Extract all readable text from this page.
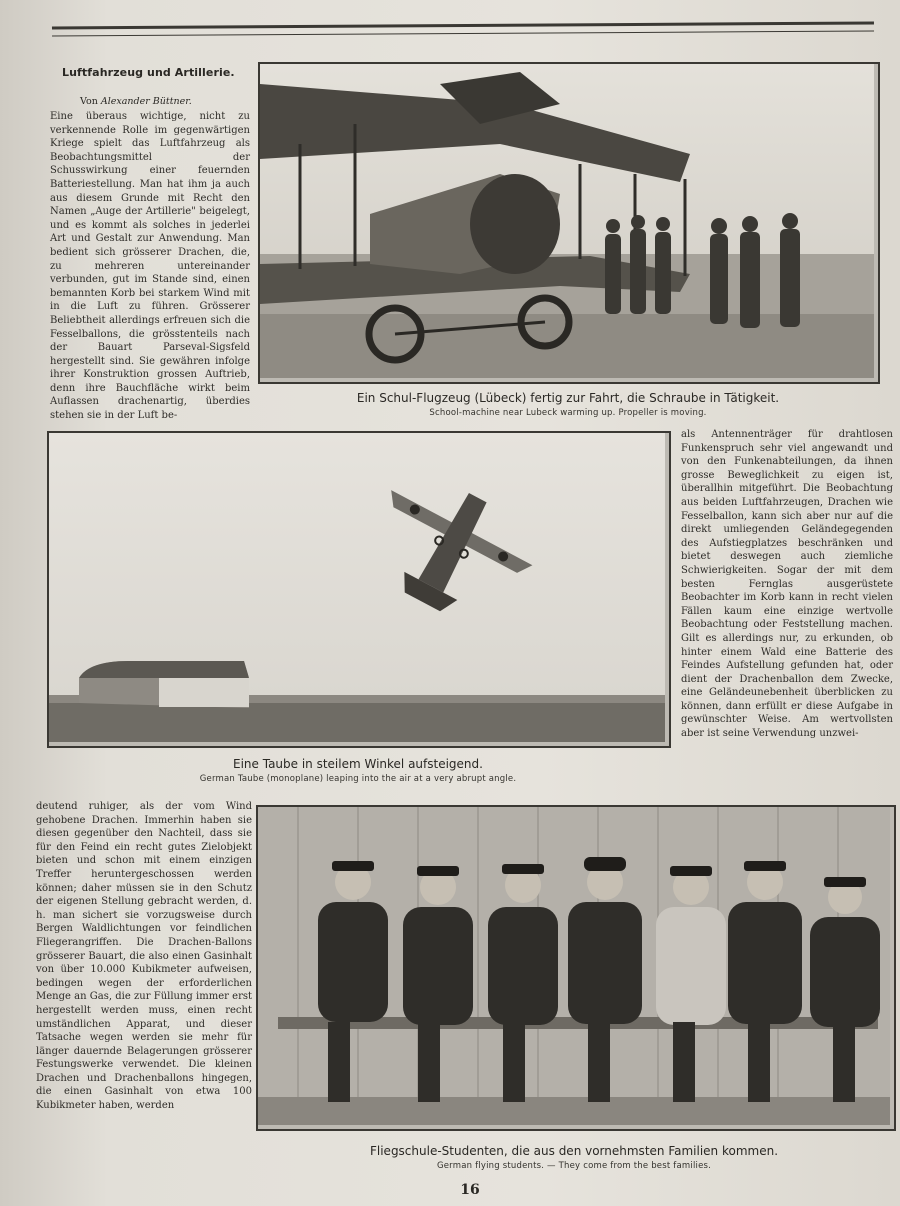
Luftfahrzeug und Artillerie.
Von Alexander Büttner.
Eine überaus wichtige, nicht zu verkennende Rolle im gegenwärtigen Kriege spielt das Luftfahrzeug als Beobachtungsmittel der Schusswirkung einer feuernden Batteriestellung. Man hat ihm ja auch aus diesem Grunde mit Recht den Namen „Auge der Artillerie" beigelegt, und es kommt als solches in jederlei Art und Gestalt zur Anwendung. Man bedient sich grösserer Drachen, die, zu mehreren untereinander verbunden, gut im Stande sind, einen bemannten Korb bei starkem Wind mit in die Luft zu führen. Grösserer Beliebtheit allerdings erfreuen sich die Fesselballons, die grösstenteils nach der Bauart Parseval-Sigsfeld hergestellt sind. Sie gewähren infolge ihrer Konstruktion grossen Auftrieb, denn ihre Bauchfläche wirkt beim Auflassen drachenartig, überdies stehen sie in der Luft be-
Ein Schul-Flugzeug (Lübeck) fertig zur Fahrt, die Schraube in Tätigkeit.
School-machine near Lubeck warming up. Propeller is moving.
Eine Taube in steilem Winkel aufsteigend.
German Taube (monoplane) leaping into the air at a very abrupt angle.
als Antennenträger für drahtlosen Funkenspruch sehr viel angewandt und von den Funkenabteilungen, da ihnen grosse Beweglichkeit zu eigen ist, überallhin mitgeführt. Die Beobachtung aus beiden Luftfahrzeugen, Drachen wie Fesselballon, kann sich aber nur auf die direkt umliegenden Geländegegenden des Aufstiegplatzes beschränken und bietet deswegen auch ziemliche Schwierigkeiten. Sogar der mit dem besten Fernglas ausgerüstete Beobachter im Korb kann in recht vielen Fällen kaum eine einzige wertvolle Beobachtung oder Feststellung machen. Gilt es allerdings nur, zu erkunden, ob hinter einem Wald eine Batterie des Feindes Aufstellung gefunden hat, oder dient der Drachenballon dem Zwecke, eine Geländeunebenheit überblicken zu können, dann erfüllt er diese Aufgabe in gewünschter Weise. Am wertvollsten aber ist seine Verwendung unzwei-
deutend ruhiger, als der vom Wind gehobene Drachen. Immerhin haben sie diesen gegenüber den Nachteil, dass sie für den Feind ein recht gutes Zielobjekt bieten und schon mit einem einzigen Treffer heruntergeschossen werden können; daher müssen sie in den Schutz der eigenen Stellung gebracht werden, d. h. man sichert sie vorzugsweise durch Bergen Waldlichtungen vor feindlichen Fliegerangriffen. Die Drachen-Ballons grösserer Bauart, die also einen Gasinhalt von über 10.000 Kubikmeter aufweisen, bedingen wegen der erforderlichen Menge an Gas, die zur Füllung immer erst hergestellt werden muss, einen recht umständlichen Apparat, und dieser Tatsache wegen werden sie mehr für länger dauernde Belagerungen grösserer Festungswerke verwendet. Die kleinen Drachen und Drachenballons hingegen, die einen Gasinhalt von etwa 100 Kubikmeter haben, werden
Fliegschule-Studenten, die aus den vornehmsten Familien kommen.
German flying students. — They come from the best families.
16
